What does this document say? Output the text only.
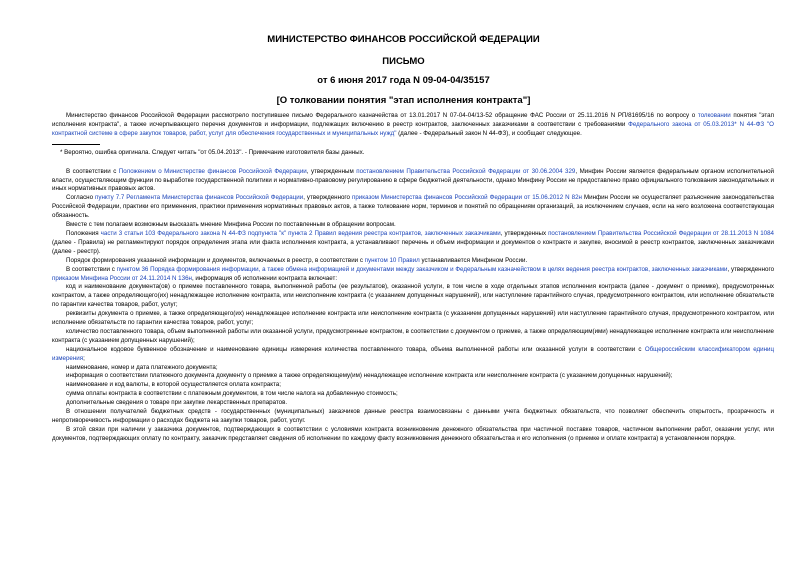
МИНИСТЕРСТВО ФИНАНСОВ РОССИЙСКОЙ ФЕДЕРАЦИИ
ПИСЬМО
от 6 июня 2017 года N 09-04-04/35157
[О толковании понятия "этап исполнения контракта"]

Министерство финансов Российской Федерации рассмотрело поступившее письмо Федерального казначейства от 13.01.2017 N 07-04-04/13-52 обращение ФАС России от 25.11.2016 N РП/81695/16 по вопросу о толковании понятия "этап исполнения контракта", а также исчерпывающего перечня документов и информации, подлежащих включению в реестр контрактов, заключенных заказчиками в соответствии с требованиями Федерального закона от 05.03.2013* N 44-ФЗ "О контрактной системе в сфере закупок товаров, работ, услуг для обеспечения государственных и муниципальных нужд" (далее - Федеральный закон N 44-ФЗ), и сообщает следующее.

* Вероятно, ошибка оригинала. Следует читать "от 05.04.2013". - Примечание изготовителя базы данных.

В соответствии с Положением о Министерстве финансов Российской Федерации, утвержденным постановлением Правительства Российской Федерации от 30.06.2004 329, Минфин России является федеральным органом исполнительной власти, осуществляющим функции по выработке государственной политики и нормативно-правовому регулированию в сфере бюджетной деятельности, однако Минфину России не предоставлено право официального толкования законодательных и иных нормативных правовых актов.

Согласно пункту 7.7 Регламента Министерства финансов Российской Федерации, утвержденного приказом Министерства финансов Российской Федерации от 15.06.2012 N 82н Минфин России не осуществляет разъяснение законодательства Российской Федерации, практики его применения, практики применения нормативных правовых актов, а также толкование норм, терминов и понятий по обращениям организаций, за исключением случаев, если на него возложена соответствующая обязанность.

Вместе с тем полагаем возможным высказать мнение Минфина России по поставленным в обращении вопросам.

Положения части 3 статьи 103 Федерального закона N 44-ФЗ подпункта "к" пункта 2 Правил ведения реестра контрактов, заключенных заказчиками, утвержденных постановлением Правительства Российской Федерации от 28.11.2013 N 1084 (далее - Правила) не регламентируют порядок определения этапа или факта исполнения контракта, а устанавливают перечень и объем информации и документов о контракте и закупке, вносимой в реестр контрактов, заключенных заказчиками (далее - реестр).

Порядок формирования указанной информации и документов, включаемых в реестр, в соответствии с пунктом 10 Правил устанавливается Минфином России.

В соответствии с пунктом 36 Порядка формирования информации, а также обмена информацией и документами между заказчиком и Федеральным казначейством в целях ведения реестра контрактов, заключенных заказчиками, утвержденного приказом Минфина России от 24.11.2014 N 136н, информация об исполнении контракта включает:

код и наименование документа(ов) о приемке поставленного товара, выполненной работы (ее результатов), оказанной услуги, в том числе в ходе отдельных этапов исполнения контракта (далее - документ о приемке), предусмотренных контрактом, а также определяющего(их) ненадлежащее исполнение контракта, или неисполнение контракта (с указанием допущенных нарушений), или наступление гарантийного случая, предусмотренного контрактом, или исполнение обязательств по гарантии качества товаров, работ, услуг;

реквизиты документа о приемке, а также определяющего(их) ненадлежащее исполнение контракта или неисполнение контракта (с указанием допущенных нарушений) или наступление гарантийного случая, предусмотренного контрактом, или исполнение обязательств по гарантии качества товаров, работ, услуг;

количество поставленного товара, объем выполненной работы или оказанной услуги, предусмотренные контрактом, в соответствии с документом о приемке, а также определяющим(ими) ненадлежащее исполнение контракта или неисполнение контракта (с указанием допущенных нарушений);

национальное кодовое буквенное обозначение и наименование единицы измерения количества поставленного товара, объема выполненной работы или оказанной услуги в соответствии с Общероссийским классификатором единиц измерения;

наименование, номер и дата платежного документа;

информация о соответствии платежного документа документу о приемке а также определяющему(им) ненадлежащее исполнение контракта или неисполнение контракта (с указанием допущенных нарушений);

наименование и код валюты, в которой осуществляется оплата контракта;

сумма оплаты контракта в соответствии с платежным документом, в том числе налога на добавленную стоимость;

дополнительные сведения о товаре при закупке лекарственных препаратов.

В отношении получателей бюджетных средств - государственных (муниципальных) заказчиков данные реестра взаимосвязаны с данными учета бюджетных обязательств, что позволяет обеспечить открытость, прозрачность и непротиворечивость информации о расходах бюджета на закупки товаров, работ, услуг.

В этой связи при наличии у заказчика документов, подтверждающих в соответствии с условиями контракта возникновение денежного обязательства при частичной поставке товаров, частичном выполнении работ, оказании услуг, или документов, подтверждающих оплату по контракту, заказчик представляет сведения об исполнении по каждому факту возникновения денежного обязательства и его исполнения (о приемке и оплате контракта) в установленном порядке.
